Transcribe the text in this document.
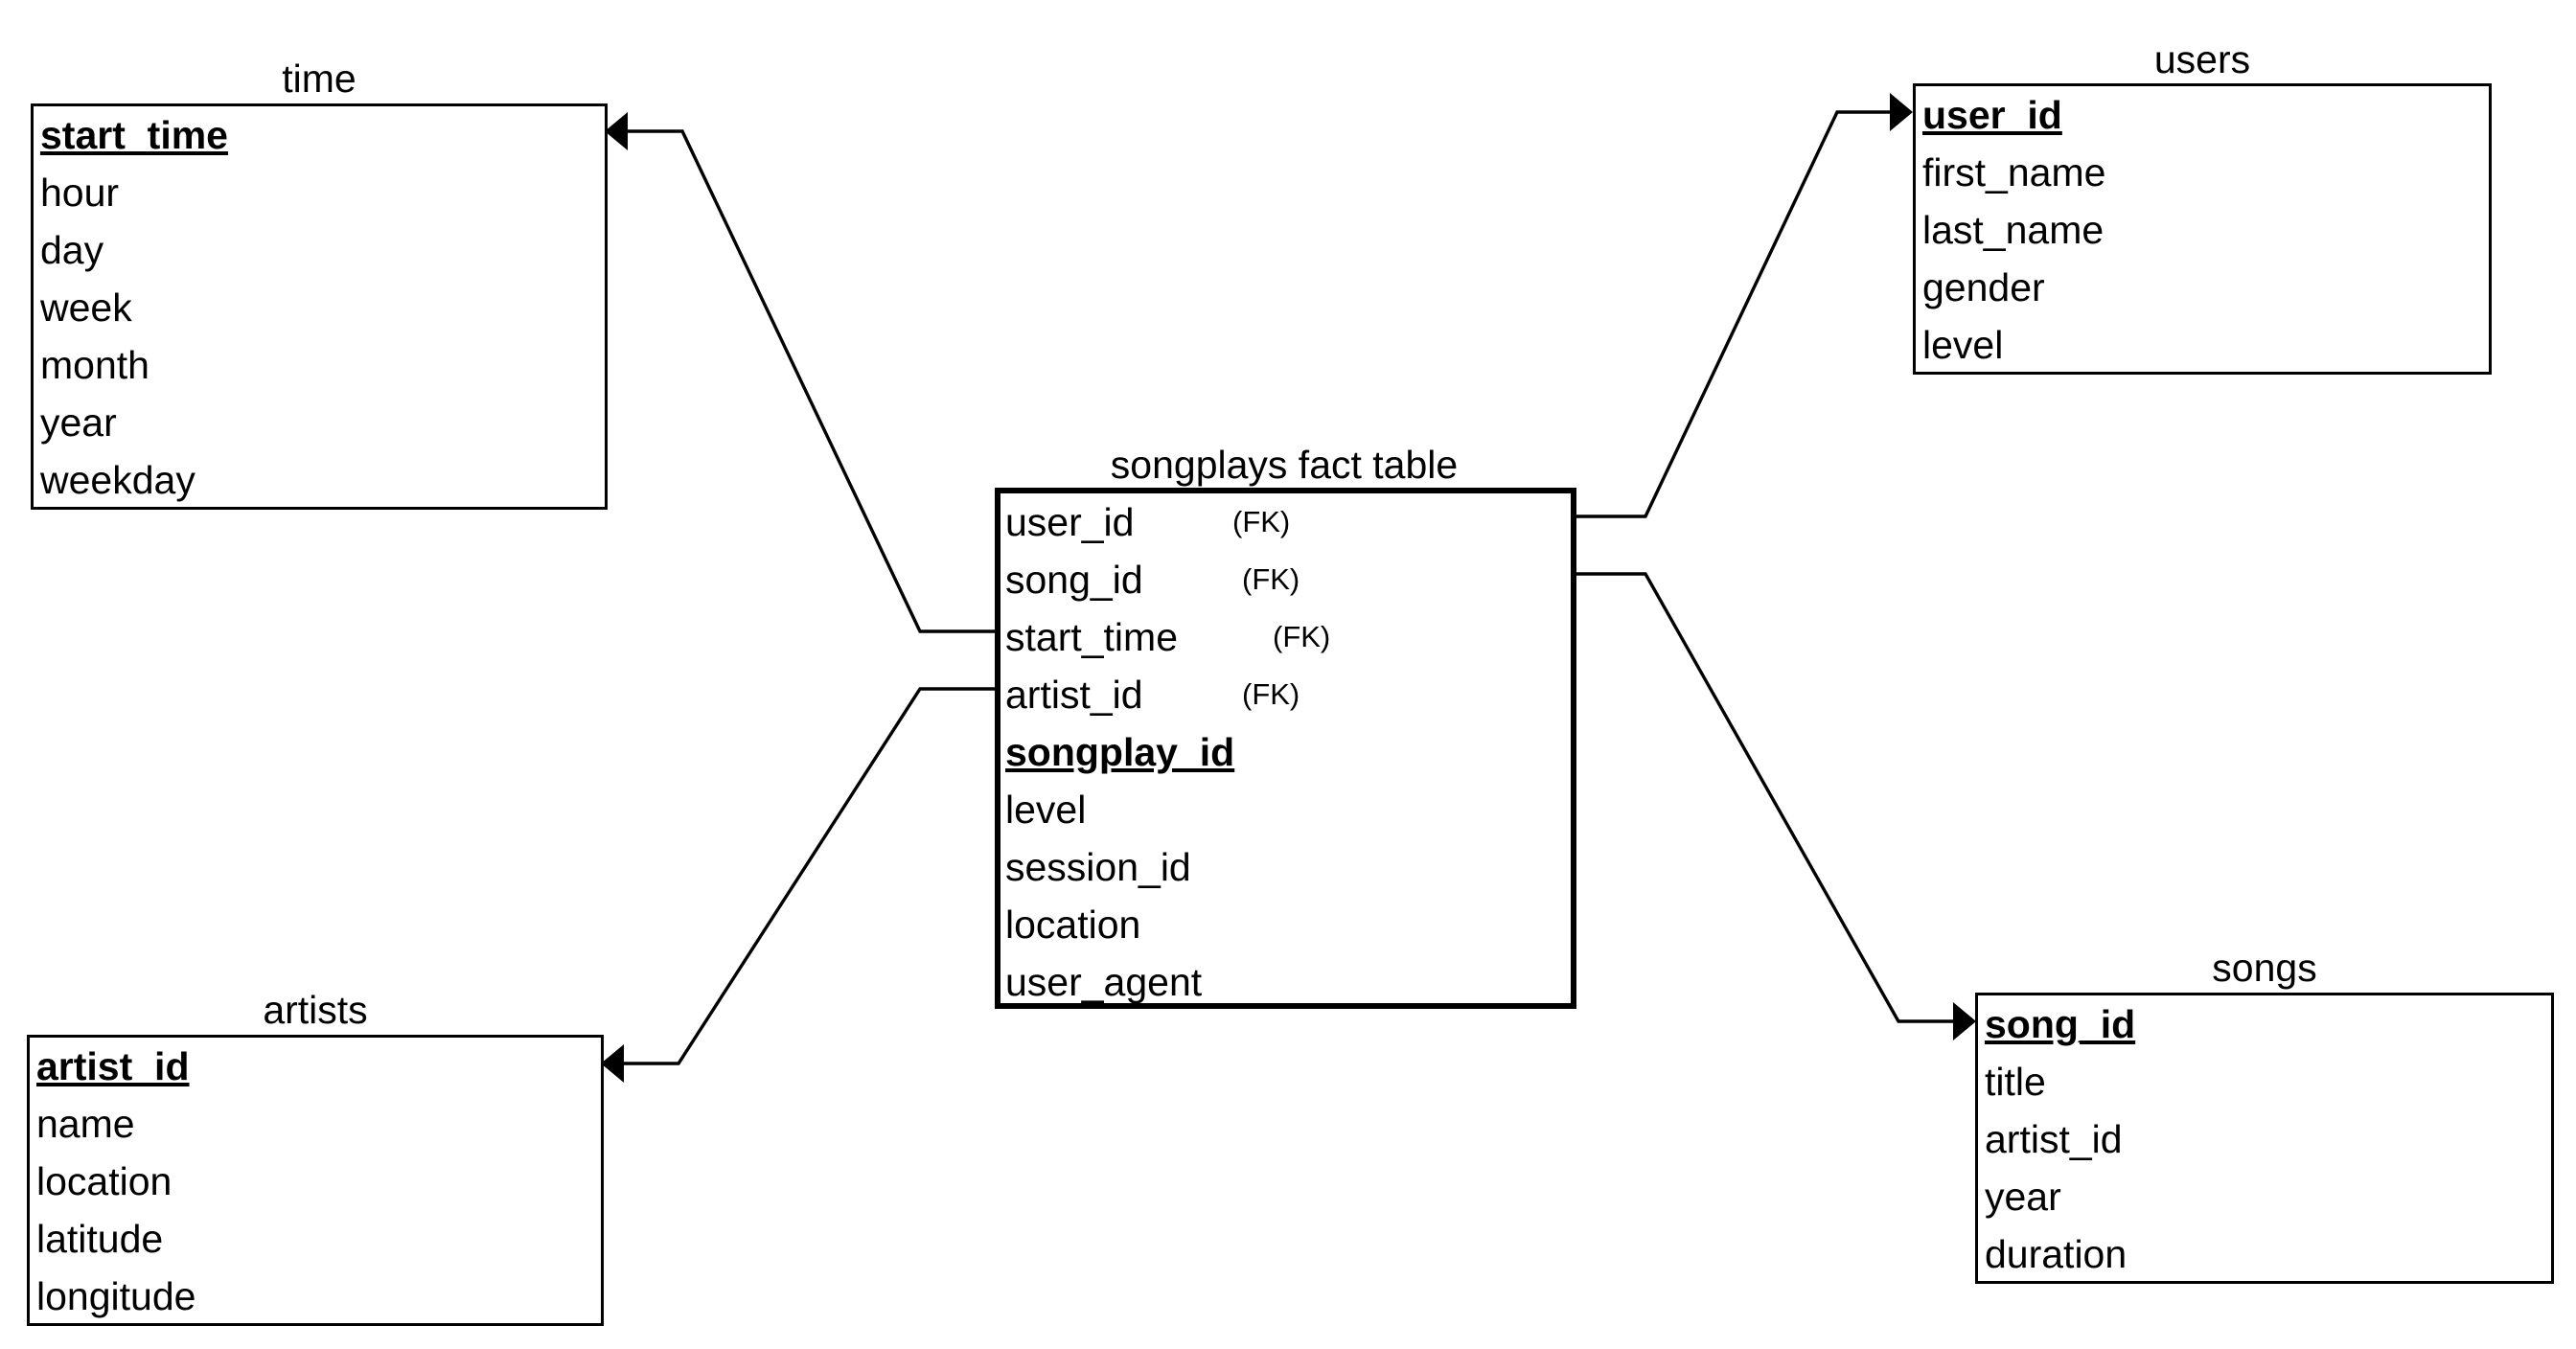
time
start_time
hour
day
week
month
year
weekday
users
user_id
first_name
last_name
gender
level
songplays fact table
user_id	(FK)
song_id	(FK)
start_time	(FK)
artist_id	(FK)
songplay_id
level
session_id
location
user_agent
artists
artist_id
name
location
latitude
longitude
songs
song_id
title
artist_id
year
duration
